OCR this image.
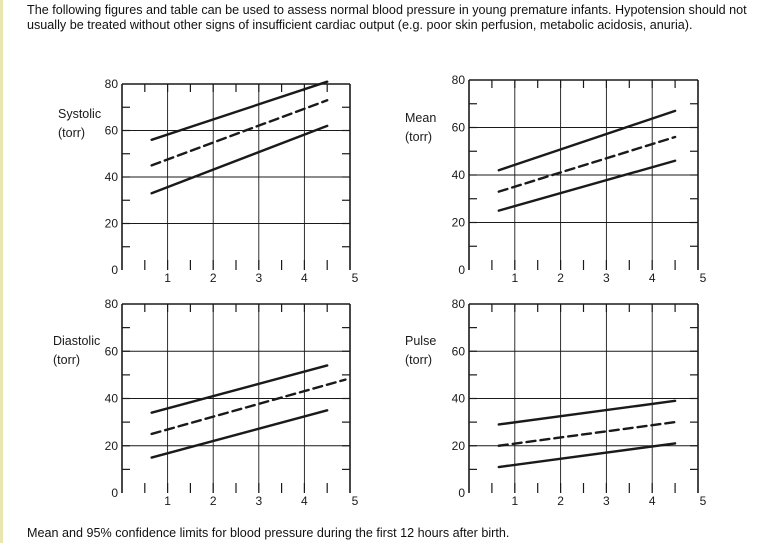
The following figures and table can be used to assess normal blood pressure in young premature infants. Hypotension should not usually be treated without other signs of insufficient cardiac output (e.g. poor skin perfusion, metabolic acidosis, anuria).
0
20
40
60
80
1	2	3	4	5
Systolic
(torr)
0
20
40
60
80
1	2	3	4	5
Mean
(torr)
0
20
40
60
80
1	2	3	4	5
Diastolic
(torr)
0
20
40
60
80
1	2	3	4	5
Pulse
(torr)
Mean and 95% confidence limits for blood pressure during the first 12 hours after birth.
